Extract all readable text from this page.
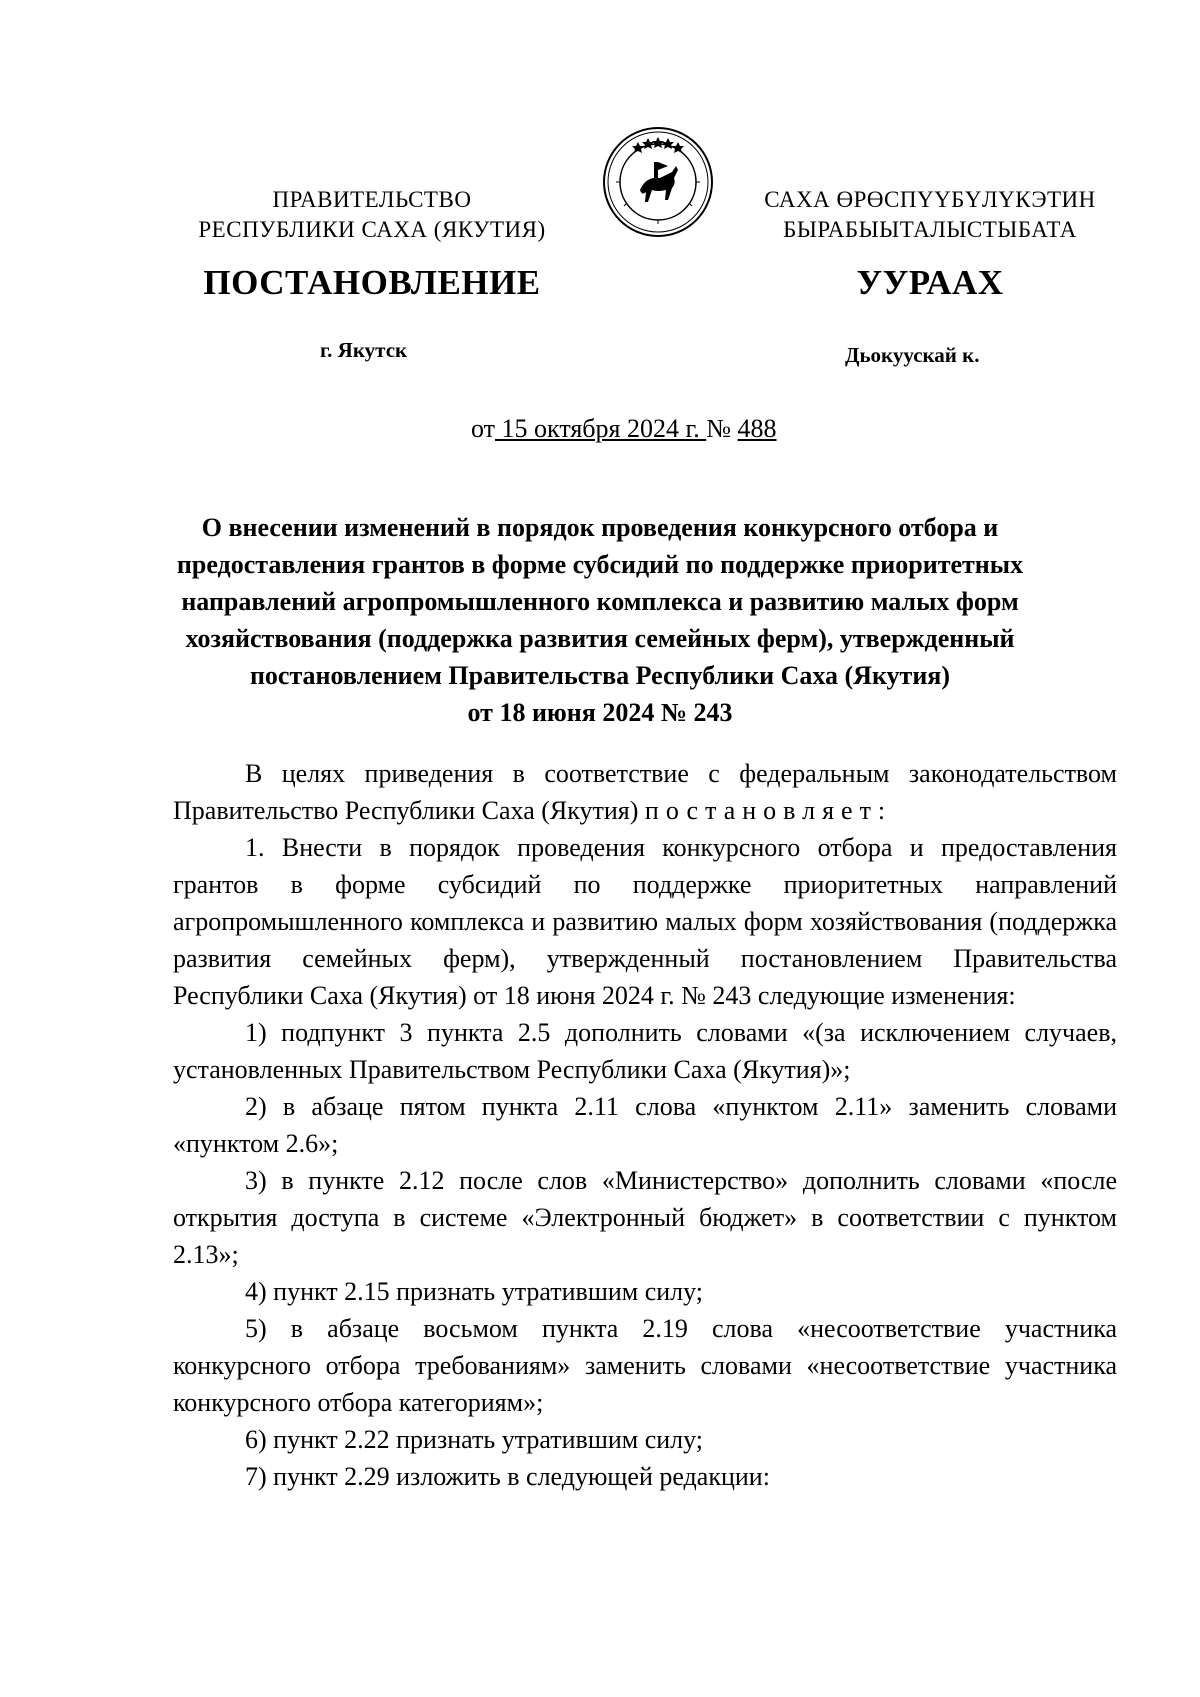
ПРАВИТЕЛЬСТВО
РЕСПУБЛИКИ САХА (ЯКУТИЯ)
САХА ӨРӨСПҮҮБҮЛҮКЭТИН
БЫРАБЫЫТАЛЫСТЫБАТА
ПОСТАНОВЛЕНИЕ	УУРААХ
г. Якутск	Дьокуускай к.
от 15 октября 2024 г. № 488
О внесении изменений в порядок проведения конкурсного отбора и
предоставления грантов в форме субсидий по поддержке приоритетных
направлений агропромышленного комплекса и развитию малых форм
хозяйствования (поддержка развития семейных ферм), утвержденный
постановлением Правительства Республики Саха (Якутия)
от 18 июня 2024 № 243

В целях приведения в соответствие с федеральным законодательством Правительство Республики Саха (Якутия) постановляет:

1. Внести в порядок проведения конкурсного отбора и предоставления грантов в форме субсидий по поддержке приоритетных направлений агропромышленного комплекса и развитию малых форм хозяйствования (поддержка развития семейных ферм), утвержденный постановлением Правительства Республики Саха (Якутия) от 18 июня 2024 г. № 243 следующие изменения:

1) подпункт 3 пункта 2.5 дополнить словами «(за исключением случаев, установленных Правительством Республики Саха (Якутия)»;

2) в абзаце пятом пункта 2.11 слова «пунктом 2.11» заменить словами «пунктом 2.6»;

3) в пункте 2.12 после слов «Министерство» дополнить словами «после открытия доступа в системе «Электронный бюджет» в соответствии с пунктом 2.13»;

4) пункт 2.15 признать утратившим силу;

5) в абзаце восьмом пункта 2.19 слова «несоответствие участника конкурсного отбора требованиям» заменить словами «несоответствие участника конкурсного отбора категориям»;

6) пункт 2.22 признать утратившим силу;

7) пункт 2.29 изложить в следующей редакции:
